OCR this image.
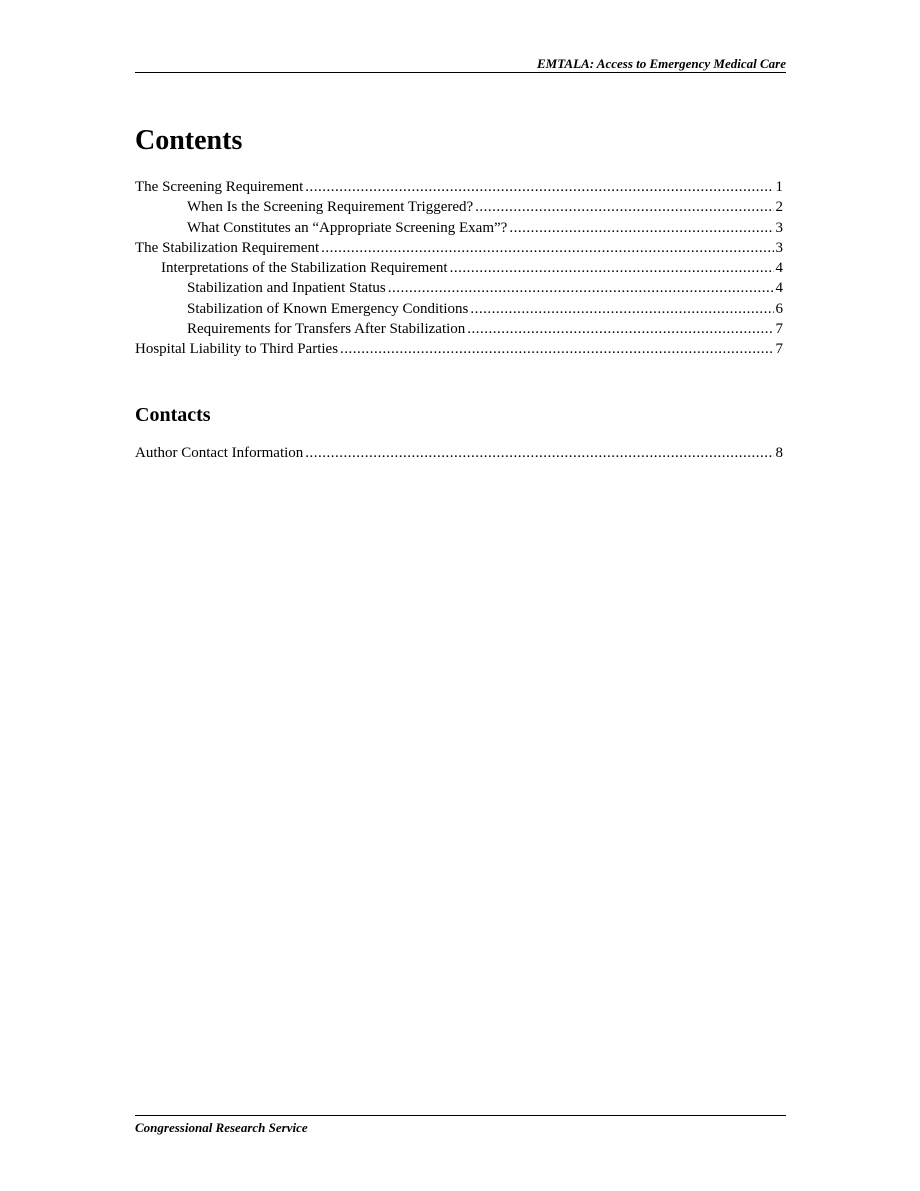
EMTALA: Access to Emergency Medical Care
Contents
The Screening Requirement .....	1
When Is the Screening Requirement Triggered? .....	2
What Constitutes an “Appropriate Screening Exam”? .....	3
The Stabilization Requirement .....	3
Interpretations of the Stabilization Requirement .....	4
Stabilization and Inpatient Status .....	4
Stabilization of Known Emergency Conditions .....	6
Requirements for Transfers After Stabilization .....	7
Hospital Liability to Third Parties .....	7
Contacts
Author Contact Information .....	8
Congressional Research Service
